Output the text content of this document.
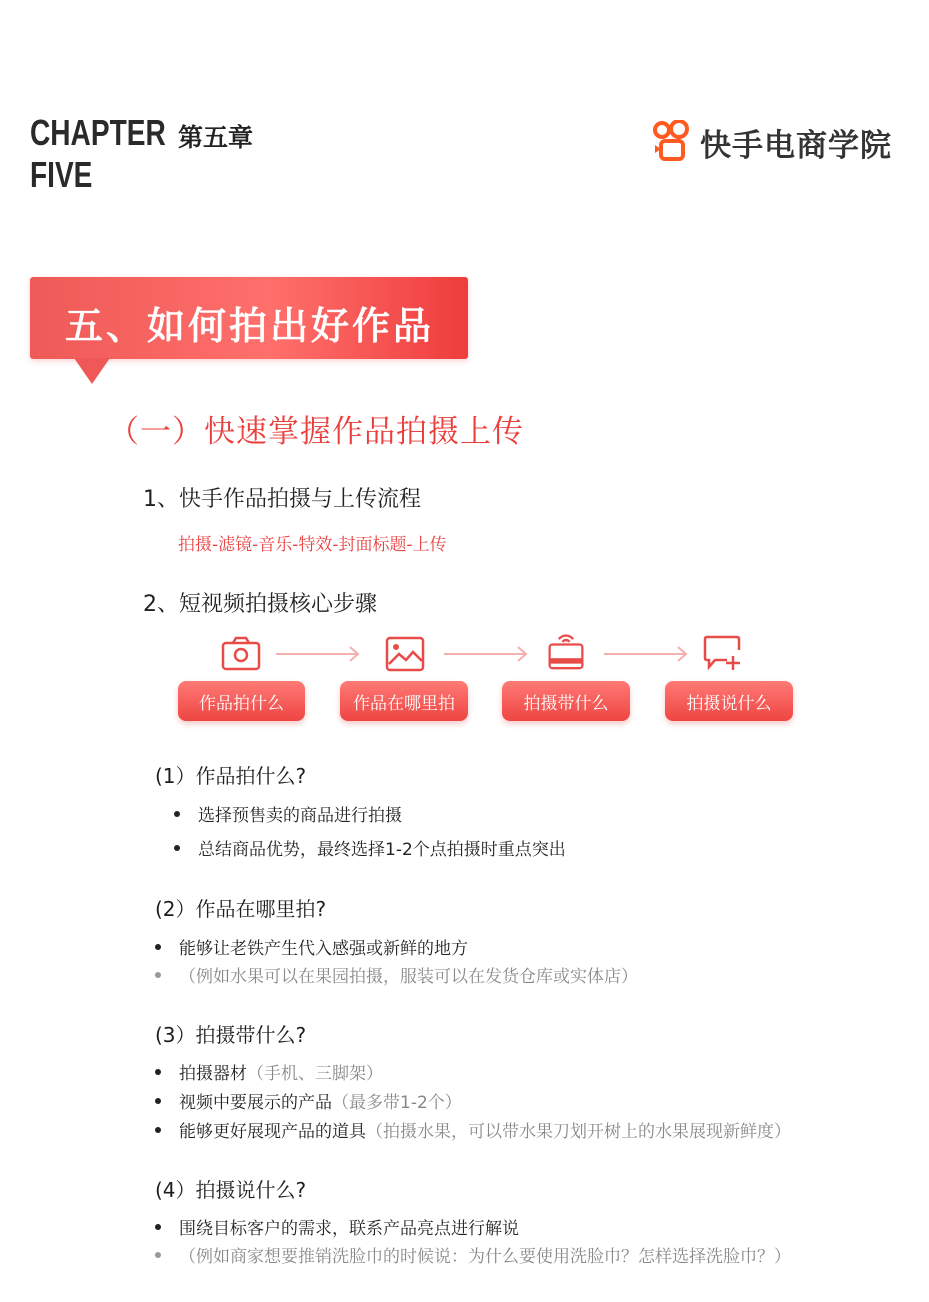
CHAPTER
FIVE
第五章	快手电商学院
五、如何拍出好作品
（一）快速掌握作品拍摄上传
1、快手作品拍摄与上传流程
拍摄-滤镜-音乐-特效-封面标题-上传
2、短视频拍摄核心步骤
作品拍什么	作品在哪里拍	拍摄带什么	拍摄说什么
(1）作品拍什么?
选择预售卖的商品进行拍摄
总结商品优势，最终选择1-2个点拍摄时重点突出
(2）作品在哪里拍?
能够让老铁产生代入感强或新鲜的地方
（例如水果可以在果园拍摄，服装可以在发货仓库或实体店）
(3）拍摄带什么?
拍摄器材 （手机、三脚架）
视频中要展示的产品 （最多带1-2个）
能够更好展现产品的道具 （拍摄水果，可以带水果刀划开树上的水果展现新鲜度）
(4）拍摄说什么?
围绕目标客户的需求，联系产品亮点进行解说
（例如商家想要推销洗脸巾的时候说：为什么要使用洗脸巾？怎样选择洗脸巾？）
